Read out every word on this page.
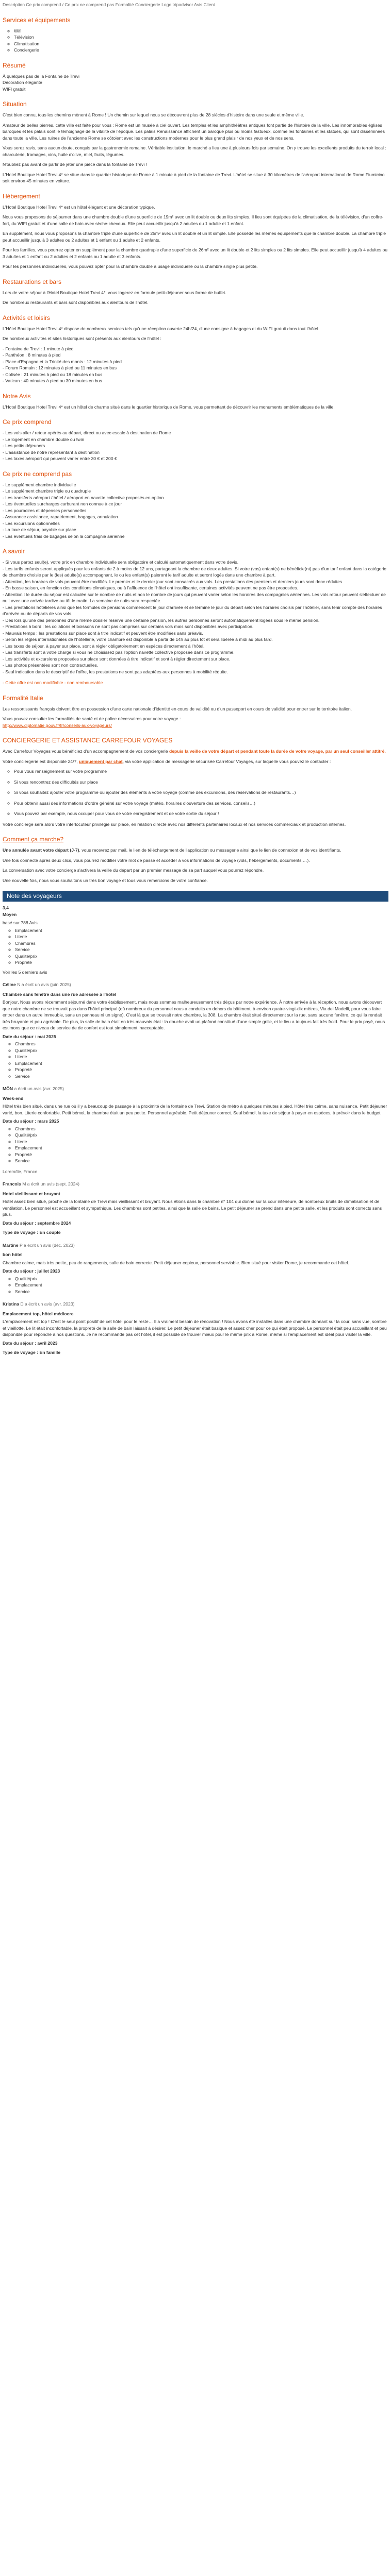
Description Ce prix comprend / Ce prix ne comprend pas Formalité Conciergerie Logo tripadvisor Avis Client

Services et équipements
◦ Wifi
◦ Télévision
◦ Climatisation
◦ Conciergerie
Résumé
À quelques pas de la Fontaine de Trevi
Décoration élégante
WIFI gratuit
Situation

C'est bien connu, tous les chemins mènent à Rome ! Un chemin sur lequel nous se découvrent plus de 28 siècles d'histoire dans une seule et même ville.

Amateur de belles pierres, cette ville est faite pour vous : Rome est un musée à ciel ouvert. Les temples et les amphithéâtres antiques font partie de l'histoire de la ville. Les innombrables églises baroques et les palais sont le témoignage de la vitalité de l'époque. Les palais Renaissance affichent un baroque plus ou moins fastueux, comme les fontaines et les statues, qui sont disséminées dans toute la ville. Les ruines de l'ancienne Rome se côtoient avec les constructions modernes pour le plus grand plaisir de nos yeux et de nos sens.

Vous serez ravis, sans aucun doute, conquis par la gastronomie romaine. Véritable institution, le marché a lieu une à plusieurs fois par semaine. On y trouve les excellents produits du terroir local : charcuterie, fromages, vins, huile d'olive, miel, fruits, légumes.

N'oubliez pas avant de partir de jeter une pièce dans la fontaine de Trevi !

L'Hotel Boutique Hotel Trevi 4* se situe dans le quartier historique de Rome à 1 minute à pied de la fontaine de Trevi. L'hôtel se situe à 30 kilomètres de l'aéroport international de Rome Fiumicino soit environ 45 minutes en voiture.

Hébergement

L'Hotel Boutique Hotel Trevi 4* est un hôtel élégant et une décoration typique.

Nous vous proposons de séjourner dans une chambre double d'une superficie de 19m² avec un lit double ou deux lits simples. Il lieu sont équipées de la climatisation, de la télévision, d'un coffre-fort, du WIFI gratuit et d'une salle de bain avec sèche-cheveux. Elle peut accueillir jusqu'à 2 adultes ou 1 adulte et 1 enfant.

En supplément, nous vous proposons la chambre triple d'une superficie de 25m² avec un lit double et un lit simple. Elle possède les mêmes équipements que la chambre double. La chambre triple peut accueillir jusqu'à 3 adultes ou 2 adultes et 1 enfant ou 1 adulte et 2 enfants.

Pour les familles, vous pourrez opter en supplément pour la chambre quadruple d'une superficie de 26m² avec un lit double et 2 lits simples ou 2 lits simples. Elle peut accueillir jusqu'à 4 adultes ou 3 adultes et 1 enfant ou 2 adultes et 2 enfants ou 1 adulte et 3 enfants.

Pour les personnes individuelles, vous pouvez opter pour la chambre double à usage individuelle ou la chambre single plus petite.

Restaurations et bars

Lors de votre séjour à l'Hotel Boutique Hotel Trevi 4*, vous logerez en formule petit-déjeuner sous forme de buffet.

De nombreux restaurants et bars sont disponibles aux alentours de l'hôtel.

Activités et loisirs

L'Hôtel Boutique Hotel Trevi 4* dispose de nombreux services tels qu'une réception ouverte 24h/24, d'une consigne à bagages et du WIFI gratuit dans tout l'hôtel.

De nombreux activités et sites historiques sont présents aux alentours de l'hôtel :

- Fontaine de Trevi : 1 minute à pied
- Panthéon : 8 minutes à pied
- Place d'Espagne et la Trinité des monts : 12 minutes à pied
- Forum Romain : 12 minutes à pied ou 11 minutes en bus
- Colisée : 21 minutes à pied ou 18 minutes en bus
- Vatican : 40 minutes à pied ou 30 minutes en bus
Notre Avis

L'Hotel Boutique Hotel Trevi 4* est un hôtel de charme situé dans le quartier historique de Rome, vous permettant de découvrir les monuments emblématiques de la ville.

Ce prix comprend
- Les vols aller / retour opérés au départ, direct ou avec escale à destination de Rome
- Le logement en chambre double ou twin
- Les petits déjeuners
- L'assistance de notre représentant à destination
- Les taxes aéroport qui peuvent varier entre 30 € et 200 €
Ce prix ne comprend pas
- Le supplément chambre individuelle
- Le supplément chambre triple ou quadruple
- Les transferts aéroport / hôtel / aéroport en navette collective proposés en option
- Les éventuelles surcharges carburant non connue à ce jour
- Les pourboires et dépenses personnelles
- Assurance assistance, rapatriement, bagages, annulation
- Les excursions optionnelles
- La taxe de séjour, payable sur place
- Les éventuels frais de bagages selon la compagnie aérienne
A savoir
- Si vous partez seul(e), votre prix en chambre individuelle sera obligatoire et calculé automatiquement dans votre devis.
- Les tarifs enfants seront appliqués pour les enfants de 2 à moins de 12 ans, partageant la chambre de deux adultes. Si votre (vos) enfant(s) ne bénéficie(nt) pas d'un tarif enfant dans la catégorie de chambre choisie par le (les) adulte(s) accompagnant, le ou les enfant(s) paieront le tarif adulte et seront logés dans une chambre à part.
- Attention, les horaires de vols peuvent être modifiés. Le premier et le dernier jour sont consacrés aux vols. Les prestations des premiers et derniers jours sont donc réduites.
- En basse saison, en fonction des conditions climatiques, ou à l'affluence de l'hôtel ont insuffisante, certaines activités peuvent ne pas être proposées.
- Attention : le durée du séjour est calculée sur le nombre de nuits et non le nombre de jours qui peuvent varier selon les horaires des compagnies aériennes. Les vols retour peuvent s'effectuer de nuit avec une arrivée tardive ou tôt le matin. La semaine de nuits sera respectée.
- Les prestations hôtelières ainsi que les formules de pensions commencent le jour d'arrivée et se termine le jour du départ selon les horaires choisis par l'hôtelier, sans tenir compte des horaires d'arrivée ou de départs de vos vols.
- Dès lors qu'une des personnes d'une même dossier réserve une certaine pension, les autres personnes seront automatiquement logées sous le même pension.
- Prestations à bord : les collations et boissons ne sont pas comprises sur certains vols mais sont disponibles avec participation.
- Mauvais temps : les prestations sur place sont à titre indicatif et peuvent être modifiées sans préavis.
- Selon les règles internationales de l'hôtellerie, votre chambre est disponible à partir de 14h au plus tôt et sera libérée à midi au plus tard.
- Les taxes de séjour, à payer sur place, sont à régler obligatoirement en espèces directement à l'hôtel.
- Les transferts sont à votre charge si vous ne choisissez pas l'option navette collective proposée dans ce programme.
- Les activités et excursions proposées sur place sont données à titre indicatif et sont à régler directement sur place.
- Les photos présentées sont non contractuelles.
- Seul indication dans le descriptif de l'offre, les prestations ne sont pas adaptées aux personnes à mobilité réduite.

- Cette offre est non modifiable - non remboursable

Formalité Italie

Les ressortissants français doivent être en possession d'une carte nationale d'identité en cours de validité ou d'un passeport en cours de validité pour entrer sur le territoire italien.

Vous pouvez consulter les formalités de santé et de police nécessaires pour votre voyage :

http://www.diplomatie.gouv.fr/fr/conseils-aux-voyageurs/

CONCIERGERIE ET ASSISTANCE CARREFOUR VOYAGES

Avec Carrefour Voyages vous bénéficiez d'un accompagnement de vos conciergerie depuis la veille de votre départ et pendant toute la durée de votre voyage, par un seul conseiller attitré.

Votre conciergerie est disponible 24/7, uniquement par chat, via votre application de messagerie sécurisée Carrefour Voyages, sur laquelle vous pouvez le contacter :

◦ Pour vous renseignement sur votre programme
◦ Si vous rencontrez des difficultés sur place
◦ Si vous souhaitez ajouter votre programme ou ajouter des éléments à votre voyage (comme des excursions, des réservations de restaurants…)
◦ Pour obtenir aussi des informations d'ordre général sur votre voyage (météo, horaires d'ouverture des services, conseils…)
◦ Vous pouvez par exemple, nous occuper pour vous de votre enregistrement et de votre sortie du séjour !

Votre concierge sera alors votre interlocuteur privilégié sur place, en relation directe avec nos différents partenaires locaux et nos services commerciaux et production internes.

Comment ça marche?

Une annulée avant votre départ (J-7), vous recevrez par mail, le lien de téléchargement de l'application ou messagerie ainsi que le lien de connexion et de vos identifiants.

Une fois connecté après deux clics, vous pourrez modifier votre mot de passe et accéder à vos informations de voyage (vols, hébergements, documents,…).

La conversation avec votre concierge s'activera la veille du départ par un premier message de sa part auquel vous pourrez répondre.

Une nouvelle fois, nous vous souhaitons un très bon voyage et tous vous remercions de votre confiance.

Note des voyageurs
3,4
Moyen
basé sur 788 Avis
◦ Emplacement
◦ Literie
◦ Chambres
◦ Service
◦ Qualité/prix
◦ Propreté
Voir les 5 derniers avis
Céline N a écrit un avis (juin 2025)
Chambre sans fenêtre dans une rue adressée à l'hôtel

Bonjour, Nous avons récemment séjourné dans votre établissement, mais nous sommes malheureusement très déçus par notre expérience. À notre arrivée à la réception, nous avons découvert que notre chambre ne se trouvait pas dans l'hôtel principal (où nombreux du personnel nous a conduits en dehors du bâtiment, à environ quatre-vingt-dix mètres, Via dei Modelli, pour vous faire entrer dans un autre immeuble, sans un panneau ni un signe). C'est là que se trouvait notre chambre, la 308. La chambre était situé directement sur la rue, sans aucune fenêtre, ce qui la rendait très bruyante et peu agréable. De plus, la salle de bain était en très mauvais état : la douche avait un plafond constitué d'une simple grille, et le lieu a toujours fait très froid. Pour le prix payé, nous estimons que ce niveau de service de de confort est tout simplement inacceptable.

Date du séjour : mai 2025
◦ Chambres
◦ Qualité/prix
◦ Literie
◦ Emplacement
◦ Propreté
◦ Service
MÖN a écrit un avis (avr. 2025)
Week-end

Hôtel très bien situé, dans une rue où il y a beaucoup de passage à la proximité de la fontaine de Trevi. Station de métro à quelques minutes à pied. Hôtel très calme, sans nuisance. Petit déjeuner varié, bon. Literie confortable. Petit bémol, la chambre était un peu petite. Personnel agréable. Petit déjeuner correct. Seul bémol, la taxe de séjour à payer en espèces, à prévoir dans le budget.

Date du séjour : mars 2025
◦ Chambres
◦ Qualité/prix
◦ Literie
◦ Emplacement
◦ Propreté
◦ Service
Lorem/Ile, France
Francois M a écrit un avis (sept. 2024)
Hotel vieillissant et bruyant

Hotel assez bien situé, proche de la fontaine de Trevi mais vieillissant et bruyant. Nous étions dans la chambre n° 104 qui donne sur la cour intérieure, de nombreux bruits de climatisation et de ventilation. Le personnel est accueillant et sympathique. Les chambres sont petites, ainsi que la salle de bains. Le petit déjeuner se prend dans une petite salle, et les produits sont corrects sans plus.

Date du séjour : septembre 2024
Type de voyage : En couple
Martine P a écrit un avis (déc. 2023)
bon hôtel

Chambre calme, mais très petite, peu de rangements, salle de bain correcte. Petit déjeuner copieux, personnel serviable. Bien situé pour visiter Rome, je recommande cet hôtel.

Date du séjour : juillet 2023
◦ Qualité/prix
◦ Emplacement
◦ Service
Kristina D a écrit un avis (avr. 2023)
Emplacement top, hôtel médiocre

L'emplacement est top ! C'est le seul point positif de cet hôtel pour le reste… Il a vraiment besoin de rénovation ! Nous avons été installés dans une chambre donnant sur la cour, sans vue, sombre et vieillotte. Le lit était inconfortable, la propreté de la salle de bain laissait à désirer. Le petit déjeuner était basique et assez cher pour ce qui était proposé. Le personnel était peu accueillant et peu disponible pour répondre à nos questions. Je ne recommande pas cet hôtel, il est possible de trouver mieux pour le même prix à Rome, même si l'emplacement est idéal pour visiter la ville.

Date du séjour : avril 2023
Type de voyage : En famille
